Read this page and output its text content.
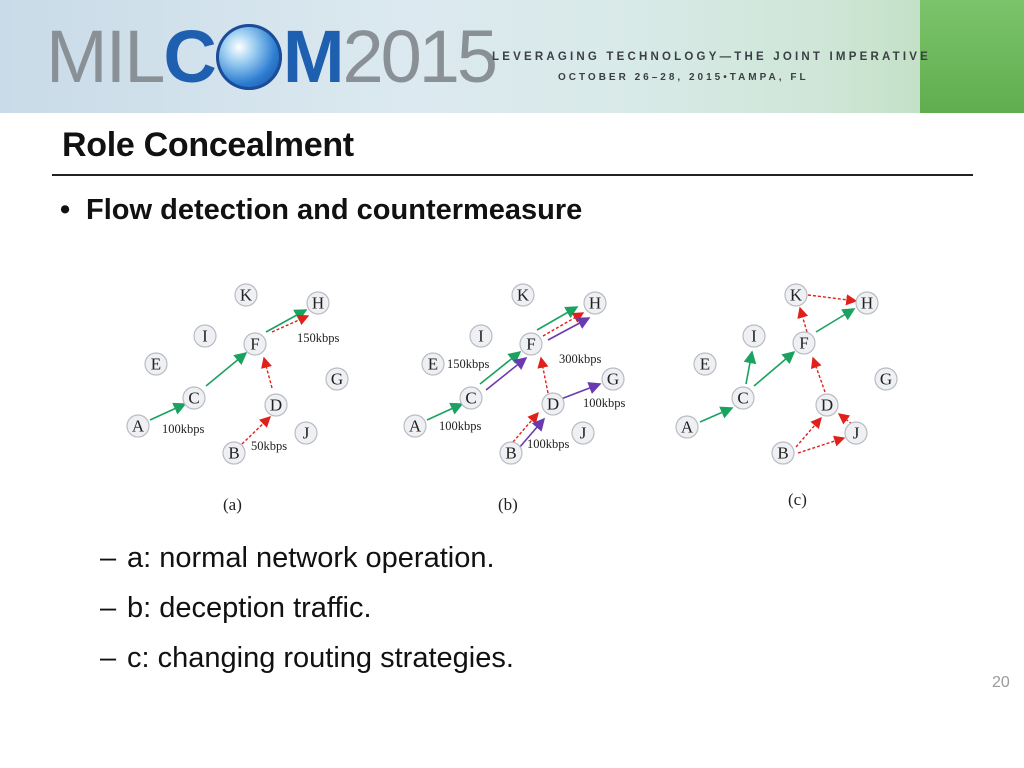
MILC M2015
LEVERAGING TECHNOLOGY—THE JOINT IMPERATIVE
OCTOBER 26–28, 2015•TAMPA, FL
Role Concealment
• Flow detection and countermeasure
K	H
I F
E
G
C	D
A	J
B
150kbps
100kbps
50kbps
K	H
I F
E
G
C	D
A	J
B
150kbps	300kbps
100kbps
100kbps
100kbps
K	H
I F
E
G
C	D
A	J
B
(a)	(b)	(c)
– a: normal network operation.
– b: deception traffic.
– c: changing routing strategies.
20
